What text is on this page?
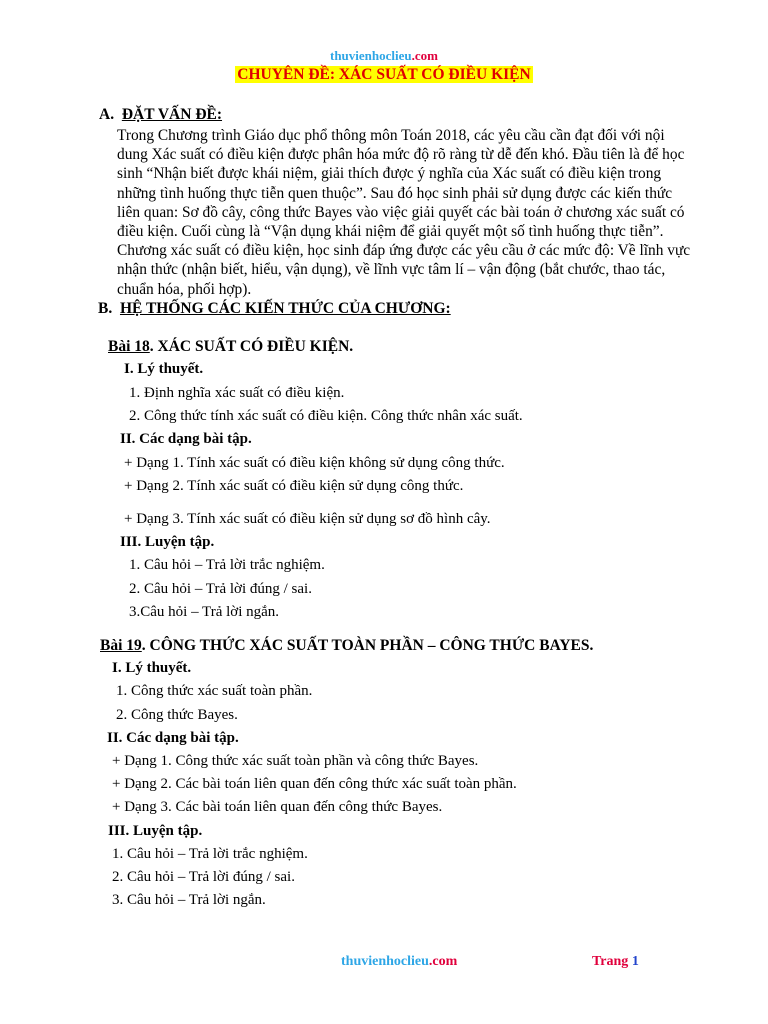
thuvienhoclieu.com
CHUYÊN ĐỀ: XÁC SUẤT CÓ ĐIỀU KIỆN
A. ĐẶT VẤN ĐỀ:
Trong Chương trình Giáo dục phổ thông môn Toán 2018, các yêu cầu cần đạt đối với nội
dung Xác suất có điều kiện được phân hóa mức độ rõ ràng từ dễ đến khó. Đầu tiên là để học
sinh “Nhận biết được khái niệm, giải thích được ý nghĩa của Xác suất có điều kiện trong
những tình huống thực tiễn quen thuộc”. Sau đó học sinh phải sử dụng được các kiến thức
liên quan: Sơ đồ cây, công thức Bayes vào việc giải quyết các bài toán ở chương xác suất có
điều kiện. Cuối cùng là “Vận dụng khái niệm để giải quyết một số tình huống thực tiễn”.
Chương xác suất có điều kiện, học sinh đáp ứng được các yêu cầu ở các mức độ: Về lĩnh vực
nhận thức (nhận biết, hiểu, vận dụng), về lĩnh vực tâm lí – vận động (bắt chước, thao tác,
chuẩn hóa, phối hợp).
B. HỆ THỐNG CÁC KIẾN THỨC CỦA CHƯƠNG:
Bài 18. XÁC SUẤT CÓ ĐIỀU KIỆN.
I. Lý thuyết.
1. Định nghĩa xác suất có điều kiện.
2. Công thức tính xác suất có điều kiện. Công thức nhân xác suất.
II. Các dạng bài tập.
+ Dạng 1. Tính xác suất có điều kiện không sử dụng công thức.
+ Dạng 2. Tính xác suất có điều kiện sử dụng công thức.
+ Dạng 3. Tính xác suất có điều kiện sử dụng sơ đồ hình cây.
III. Luyện tập.
1. Câu hỏi – Trả lời trắc nghiệm.
2. Câu hỏi – Trả lời đúng / sai.
3.Câu hỏi – Trả lời ngắn.
Bài 19. CÔNG THỨC XÁC SUẤT TOÀN PHẦN – CÔNG THỨC BAYES.
I. Lý thuyết.
1. Công thức xác suất toàn phần.
2. Công thức Bayes.
II. Các dạng bài tập.
+ Dạng 1. Công thức xác suất toàn phần và công thức Bayes.
+ Dạng 2. Các bài toán liên quan đến công thức xác suất toàn phần.
+ Dạng 3. Các bài toán liên quan đến công thức Bayes.
III. Luyện tập.
1. Câu hỏi – Trả lời trắc nghiệm.
2. Câu hỏi – Trả lời đúng / sai.
3. Câu hỏi – Trả lời ngắn.
thuvienhoclieu.com	Trang 1
